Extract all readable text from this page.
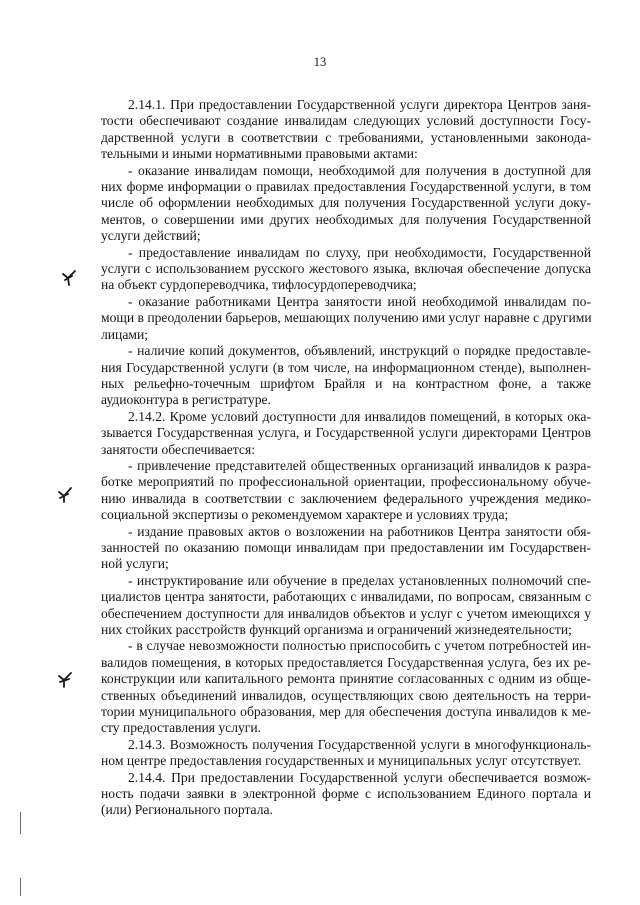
13
2.14.1. При предоставлении Государственной услуги директора Центров заня-
тости обеспечивают создание инвалидам следующих условий доступности Госу-
дарственной услуги в соответствии с требованиями, установленными законода-
тельными и иными нормативными правовыми актами:
- оказание инвалидам помощи, необходимой для получения в доступной для
них форме информации о правилах предоставления Государственной услуги, в том
числе об оформлении необходимых для получения Государственной услуги доку-
ментов, о совершении ими других необходимых для получения Государственной
услуги действий;
- предоставление инвалидам по слуху, при необходимости, Государственной
услуги с использованием русского жестового языка, включая обеспечение допуска
на объект сурдопереводчика, тифлосурдопереводчика;
- оказание работниками Центра занятости иной необходимой инвалидам по-
мощи в преодолении барьеров, мешающих получению ими услуг наравне с другими
лицами;
- наличие копий документов, объявлений, инструкций о порядке предоставле-
ния Государственной услуги (в том числе, на информационном стенде), выполнен-
ных рельефно-точечным шрифтом Брайля и на контрастном фоне, а также
аудиоконтура в регистратуре.
2.14.2. Кроме условий доступности для инвалидов помещений, в которых ока-
зывается Государственная услуга, и Государственной услуги директорами Центров
занятости обеспечивается:
- привлечение представителей общественных организаций инвалидов к разра-
ботке мероприятий по профессиональной ориентации, профессиональному обуче-
нию инвалида в соответствии с заключением федерального учреждения медико-
социальной экспертизы о рекомендуемом характере и условиях труда;
- издание правовых актов о возложении на работников Центра занятости обя-
занностей по оказанию помощи инвалидам при предоставлении им Государствен-
ной услуги;
- инструктирование или обучение в пределах установленных полномочий спе-
циалистов центра занятости, работающих с инвалидами, по вопросам, связанным с
обеспечением доступности для инвалидов объектов и услуг с учетом имеющихся у
них стойких расстройств функций организма и ограничений жизнедеятельности;
- в случае невозможности полностью приспособить с учетом потребностей ин-
валидов помещения, в которых предоставляется Государственная услуга, без их ре-
конструкции или капитального ремонта принятие согласованных с одним из обще-
ственных объединений инвалидов, осуществляющих свою деятельность на терри-
тории муниципального образования, мер для обеспечения доступа инвалидов к ме-
сту предоставления услуги.
2.14.3. Возможность получения Государственной услуги в многофункциональ-
ном центре предоставления государственных и муниципальных услуг отсутствует.
2.14.4. При предоставлении Государственной услуги обеспечивается возмож-
ность подачи заявки в электронной форме с использованием Единого портала и
(или) Регионального портала.
